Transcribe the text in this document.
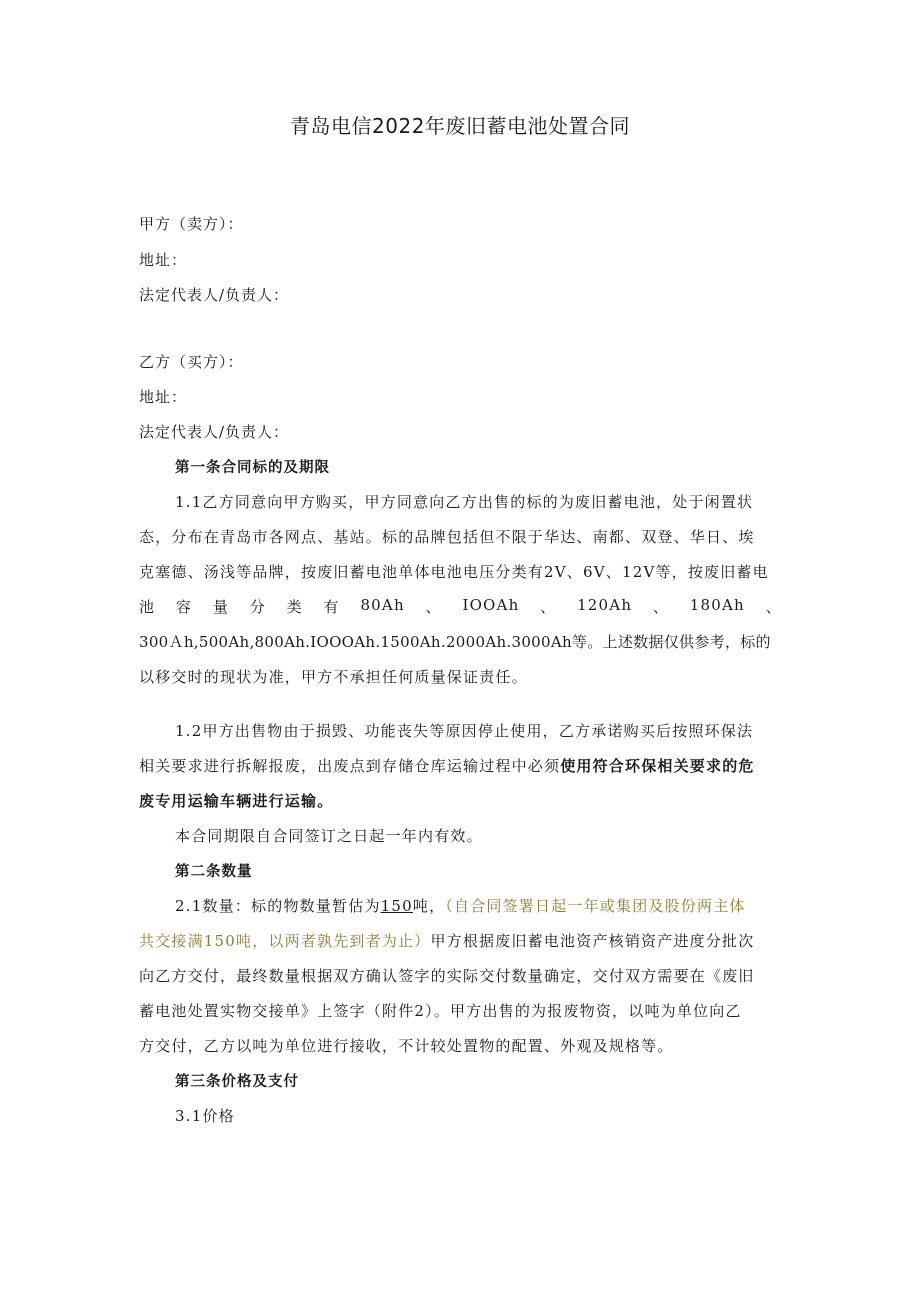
青岛电信2022年废旧蓄电池处置合同
甲方（卖方）：
地址：
法定代表人/负责人：
乙方（买方）：
地址：
法定代表人/负责人：
第一条合同标的及期限
1.1乙方同意向甲方购买，甲方同意向乙方出售的标的为废旧蓄电池，处于闲置状
态，分布在青岛市各网点、基站。标的品牌包括但不限于华达、南都、双登、华日、埃
克塞德、汤浅等品牌，按废旧蓄电池单体电池电压分类有2V、6V、12V等，按废旧蓄电
池 容 量 分 类 有 80Ah 、 IOOAh 、 120Ah 、 180Ah 、
300Ａh,500Ah,800Ah.IOOOAh.1500Ah.2000Ah.3000Ah等。上述数据仅供参考，标的
以移交时的现状为准，甲方不承担任何质量保证责任。
1.2甲方出售物由于损毁、功能丧失等原因停止使用，乙方承诺购买后按照环保法
相关要求进行拆解报废，出废点到存储仓库运输过程中必须使用符合环保相关要求的危
废专用运输车辆进行运输。
本合同期限自合同签订之日起一年内有效。
第二条数量
2.1数量：标的物数量暂估为150吨，（自合同签署日起一年或集团及股份两主体
共交接满150吨，以两者孰先到者为止）甲方根据废旧蓄电池资产核销资产进度分批次
向乙方交付，最终数量根据双方确认签字的实际交付数量确定，交付双方需要在《废旧
蓄电池处置实物交接单》上签字（附件2）。甲方出售的为报废物资，以吨为单位向乙
方交付，乙方以吨为单位进行接收，不计较处置物的配置、外观及规格等。
第三条价格及支付
3.1价格
